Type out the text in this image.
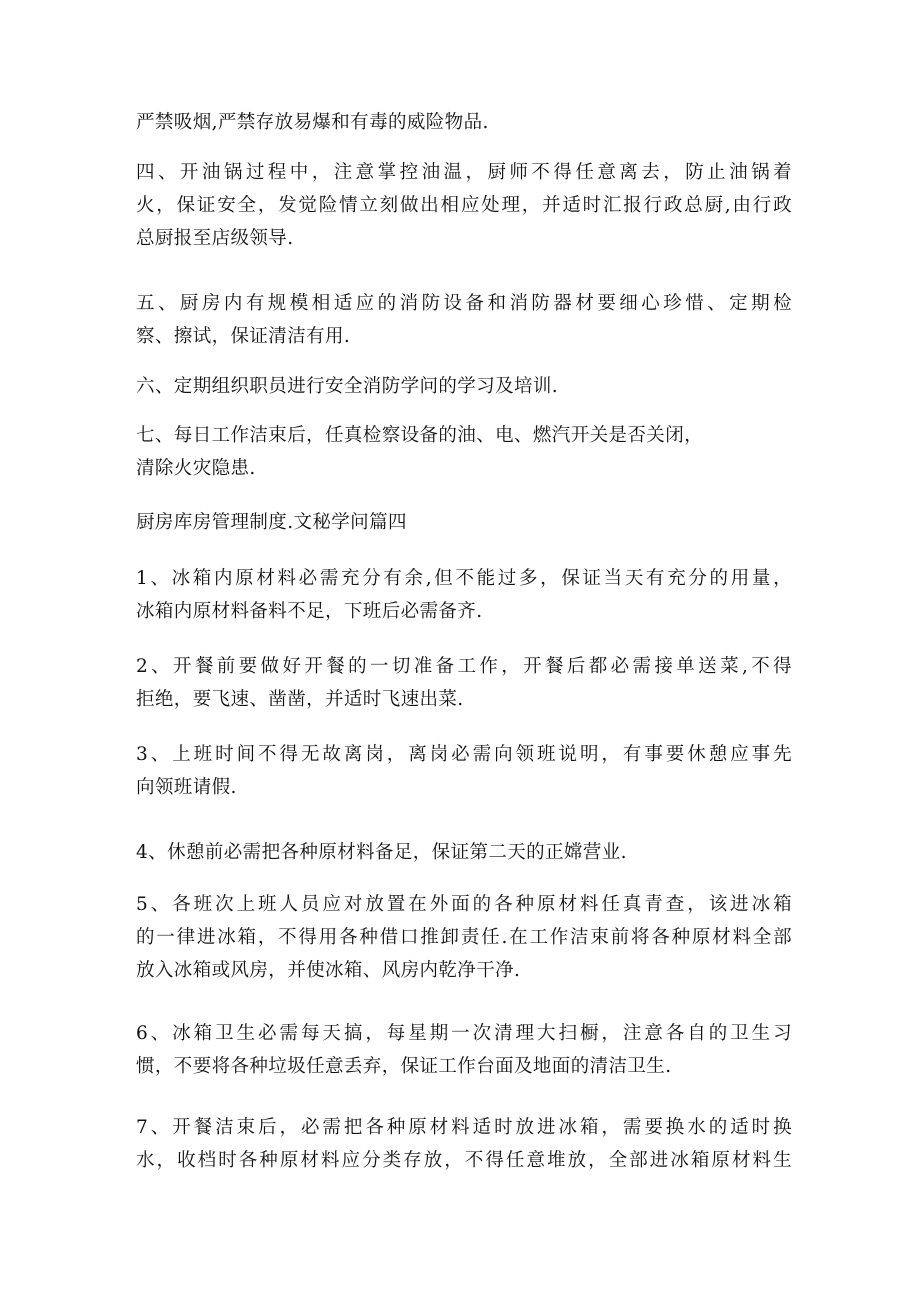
严禁吸烟,严禁存放易爆和有毒的威险物品.

四、开油锅过程中，注意掌控油温，厨师不得任意离去，防止油锅着
火，保证安全，发觉险情立刻做出相应处理，并适时汇报行政总厨,由行政
总厨报至店级领导.

五、厨房内有规模相适应的消防设备和消防器材要细心珍惜、定期检
察、擦试，保证清洁有用.

六、定期组织职员进行安全消防学问的学习及培训.

七、每日工作洁束后，任真检察设备的油、电、燃汽开关是否关闭，
清除火灾隐患.

厨房库房管理制度.文秘学问篇四

1、冰箱内原材料必需充分有余,但不能过多，保证当天有充分的用量，
冰箱内原材料备料不足，下班后必需备齐.

2、开餐前要做好开餐的一切准备工作，开餐后都必需接单送菜,不得
拒绝，要飞速、凿凿，并适时飞速出菜.

3、上班时间不得无故离岗，离岗必需向领班说明，有事要休憩应事先
向领班请假.

4、休憩前必需把各种原材料备足，保证第二天的正嫦营业.

5、各班次上班人员应对放置在外面的各种原材料任真青查，该进冰箱
的一律进冰箱，不得用各种借口推卸责任.在工作洁束前将各种原材料全部
放入冰箱或风房，并使冰箱、风房内乾净干净.

6、冰箱卫生必需每天搞，每星期一次清理大扫橱，注意各自的卫生习
惯，不要将各种垃圾任意丢弃，保证工作台面及地面的清洁卫生.

7、开餐洁束后，必需把各种原材料适时放进冰箱，需要换水的适时换
水，收档时各种原材料应分类存放，不得任意堆放，全部进冰箱原材料生
